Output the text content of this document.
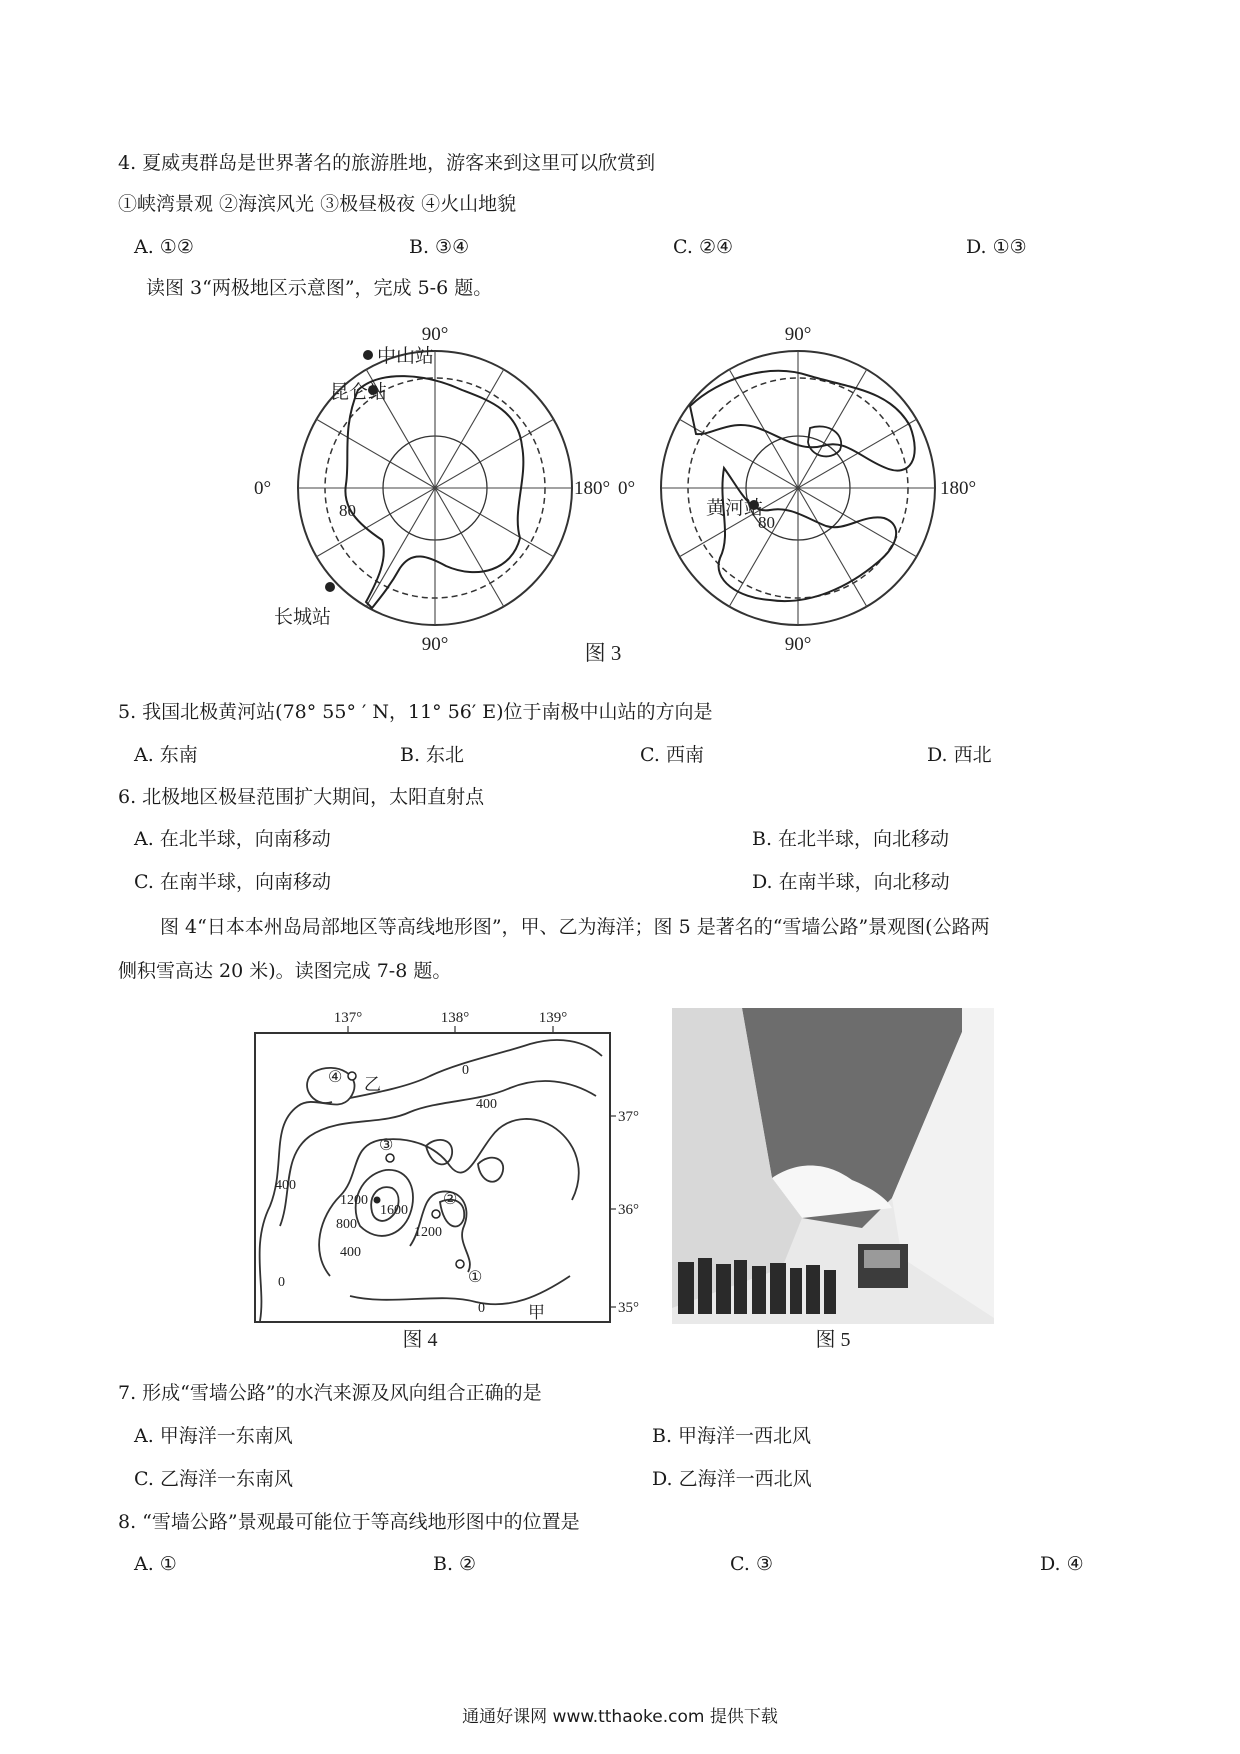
4. 夏威夷群岛是世界著名的旅游胜地，游客来到这里可以欣赏到
①峡湾景观 ②海滨风光 ③极昼极夜 ④火山地貌
A. ①②	B. ③④	C. ②④	D. ①③
读图 3“两极地区示意图”，完成 5-6 题。
90°
90°
0°	180°
80
中山站
昆仑站
长城站
90°
90°
0°	180°
80
黄河站
图 3
5. 我国北极黄河站(78° 55° ′ N，11° 56′ E)位于南极中山站的方向是
A. 东南	B. 东北	C. 西南	D. 西北
6. 北极地区极昼范围扩大期间，太阳直射点
A. 在北半球，向南移动	B. 在北半球，向北移动
C. 在南半球，向南移动	D. 在南半球，向北移动
图 4“日本本州岛局部地区等高线地形图”，甲、乙为海洋；图 5 是著名的“雪墙公路”景观图(公路两
侧积雪高达 20 米)。读图完成 7-8 题。
137°	138°	139°
37°
36°
35°
乙
甲
0
0
0
400
400
400
800
1200
1200
1600
①
②
③
④
图 4	图 5
7. 形成“雪墙公路”的水汽来源及风向组合正确的是
A. 甲海洋一东南风	B. 甲海洋一西北风
C. 乙海洋一东南风	D. 乙海洋一西北风
8. “雪墙公路”景观最可能位于等高线地形图中的位置是
A. ①	B. ②	C. ③	D. ④
通通好课网 www.tthaoke.com 提供下载
